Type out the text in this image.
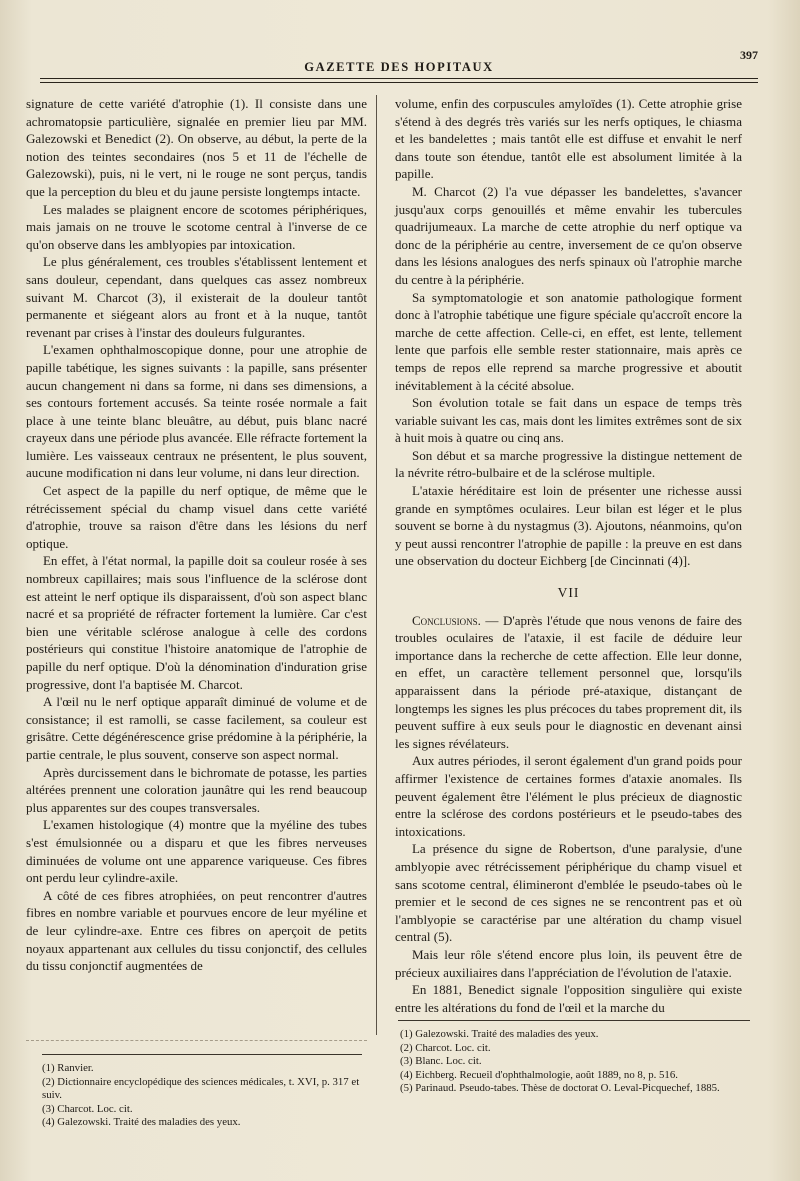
GAZETTE DES HOPITAUX
397

signature de cette variété d'atrophie (1). Il consiste dans une achromatopsie particulière, signalée en premier lieu par MM. Galezowski et Benedict (2). On observe, au début, la perte de la notion des teintes secondaires (nos 5 et 11 de l'échelle de Galezowski), puis, ni le vert, ni le rouge ne sont perçus, tandis que la perception du bleu et du jaune persiste longtemps intacte.

Les malades se plaignent encore de scotomes périphériques, mais jamais on ne trouve le scotome central à l'inverse de ce qu'on observe dans les amblyopies par intoxication.

Le plus généralement, ces troubles s'établissent lentement et sans douleur, cependant, dans quelques cas assez nombreux suivant M. Charcot (3), il existerait de la douleur tantôt permanente et siégeant alors au front et à la nuque, tantôt revenant par crises à l'instar des douleurs fulgurantes.

L'examen ophthalmoscopique donne, pour une atrophie de papille tabétique, les signes suivants : la papille, sans présenter aucun changement ni dans sa forme, ni dans ses dimensions, a ses contours fortement accusés. Sa teinte rosée normale a fait place à une teinte blanc bleuâtre, au début, puis blanc nacré crayeux dans une période plus avancée. Elle réfracte fortement la lumière. Les vaisseaux centraux ne présentent, le plus souvent, aucune modification ni dans leur volume, ni dans leur direction.

Cet aspect de la papille du nerf optique, de même que le rétrécissement spécial du champ visuel dans cette variété d'atrophie, trouve sa raison d'être dans les lésions du nerf optique.

En effet, à l'état normal, la papille doit sa couleur rosée à ses nombreux capillaires; mais sous l'influence de la sclérose dont est atteint le nerf optique ils disparaissent, d'où son aspect blanc nacré et sa propriété de réfracter fortement la lumière. Car c'est bien une véritable sclérose analogue à celle des cordons postérieurs qui constitue l'histoire anatomique de l'atrophie de papille du nerf optique. D'où la dénomination d'induration grise progressive, dont l'a baptisée M. Charcot.

A l'œil nu le nerf optique apparaît diminué de volume et de consistance; il est ramolli, se casse facilement, sa couleur est grisâtre. Cette dégénérescence grise prédomine à la périphérie, la partie centrale, le plus souvent, conserve son aspect normal.

Après durcissement dans le bichromate de potasse, les parties altérées prennent une coloration jaunâtre qui les rend beaucoup plus apparentes sur des coupes transversales.

L'examen histologique (4) montre que la myéline des tubes s'est émulsionnée ou a disparu et que les fibres nerveuses diminuées de volume ont une apparence variqueuse. Ces fibres ont perdu leur cylindre-axile.

A côté de ces fibres atrophiées, on peut rencontrer d'autres fibres en nombre variable et pourvues encore de leur myéline et de leur cylindre-axe. Entre ces fibres on aperçoit de petits noyaux appartenant aux cellules du tissu conjonctif, des cellules du tissu conjonctif augmentées de

(1) Ranvier.

(2) Dictionnaire encyclopédique des sciences médicales, t. XVI, p. 317 et suiv.

(3) Charcot. Loc. cit.

(4) Galezowski. Traité des maladies des yeux.

volume, enfin des corpuscules amyloïdes (1). Cette atrophie grise s'étend à des degrés très variés sur les nerfs optiques, le chiasma et les bandelettes ; mais tantôt elle est diffuse et envahit le nerf dans toute son étendue, tantôt elle est absolument limitée à la papille.

M. Charcot (2) l'a vue dépasser les bandelettes, s'avancer jusqu'aux corps genouillés et même envahir les tubercules quadrijumeaux. La marche de cette atrophie du nerf optique va donc de la périphérie au centre, inversement de ce qu'on observe dans les lésions analogues des nerfs spinaux où l'atrophie marche du centre à la périphérie.

Sa symptomatologie et son anatomie pathologique forment donc à l'atrophie tabétique une figure spéciale qu'accroît encore la marche de cette affection. Celle-ci, en effet, est lente, tellement lente que parfois elle semble rester stationnaire, mais après ce temps de repos elle reprend sa marche progressive et aboutit inévitablement à la cécité absolue.

Son évolution totale se fait dans un espace de temps très variable suivant les cas, mais dont les limites extrêmes sont de six à huit mois à quatre ou cinq ans.

Son début et sa marche progressive la distingue nettement de la névrite rétro-bulbaire et de la sclérose multiple.

L'ataxie héréditaire est loin de présenter une richesse aussi grande en symptômes oculaires. Leur bilan est léger et le plus souvent se borne à du nystagmus (3). Ajoutons, néanmoins, qu'on y peut aussi rencontrer l'atrophie de papille : la preuve en est dans une observation du docteur Eichberg [de Cincinnati (4)].

VII

Conclusions. — D'après l'étude que nous venons de faire des troubles oculaires de l'ataxie, il est facile de déduire leur importance dans la recherche de cette affection. Elle leur donne, en effet, un caractère tellement personnel que, lorsqu'ils apparaissent dans la période pré-ataxique, distançant de longtemps les signes les plus précoces du tabes proprement dit, ils peuvent suffire à eux seuls pour le diagnostic en devenant ainsi les signes révélateurs.

Aux autres périodes, il seront également d'un grand poids pour affirmer l'existence de certaines formes d'ataxie anomales. Ils peuvent également être l'élément le plus précieux de diagnostic entre la sclérose des cordons postérieurs et le pseudo-tabes des intoxications.

La présence du signe de Robertson, d'une paralysie, d'une amblyopie avec rétrécissement périphérique du champ visuel et sans scotome central, élimineront d'emblée le pseudo-tabes où le premier et le second de ces signes ne se rencontrent pas et où l'amblyopie se caractérise par une altération du champ visuel central (5).

Mais leur rôle s'étend encore plus loin, ils peuvent être de précieux auxiliaires dans l'appréciation de l'évolution de l'ataxie.

En 1881, Benedict signale l'opposition singulière qui existe entre les altérations du fond de l'œil et la marche du

(1) Galezowski. Traité des maladies des yeux.

(2) Charcot. Loc. cit.

(3) Blanc. Loc. cit.

(4) Eichberg. Recueil d'ophthalmologie, août 1889, no 8, p. 516.

(5) Parinaud. Pseudo-tabes. Thèse de doctorat O. Leval-Picquechef, 1885.
